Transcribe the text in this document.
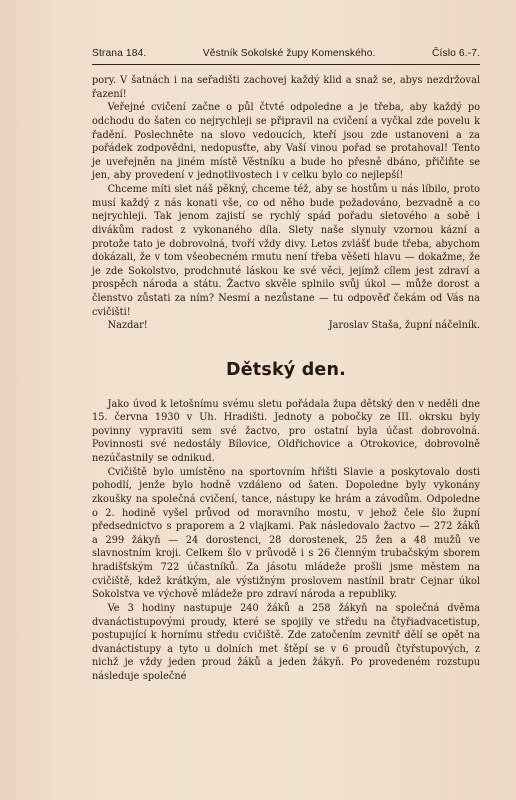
Strana 184.	Věstník Sokolské župy Komenského.	Číslo 6.-7.

pory. V šatnách i na seřadišti zachovej každý klid a snaž se, abys nezdržoval řazení!

Veřejné cvičení začne o půl čtvté odpoledne a je třeba, aby každý po odchodu do šaten co nejrychleji se připravil na cvičení a vyčkal zde povelu k řadění. Poslechněte na slovo vedoucích, kteří jsou zde ustanoveni a za pořádek zodpovědni, nedopusťte, aby Vaší vinou pořad se protahoval! Tento je uveřejněn na jiném místě Věstníku a bude ho přesně dbáno, přičiňte se jen, aby provedení v jednotlivostech i v celku bylo co nejlepší!

Chceme míti slet náš pěkný, chceme též, aby se hostům u nás líbilo, proto musí každý z nás konati vše, co od něho bude požadováno, bezvadně a co nejrychleji. Tak jenom zajistí se rychlý spád pořadu sletového a sobě i divákům radost z vykonaného díla. Slety naše slynuly vzornou kázní a protože tato je dobrovolná, tvoří vždy divy. Letos zvlášť bude třeba, abychom dokázali, že v tom všeobecném rmutu není třeba věšeti hlavu — dokažme, že je zde Sokolstvo, prodchnuté láskou ke své věci, jejímž cílem jest zdraví a prospěch národa a státu. Žactvo skvěle splnilo svůj úkol — může dorost a členstvo zůstati za ním? Nesmí a nezůstane — tu odpověď čekám od Vás na cvičišti!

Nazdar!	Jaroslav Staša, župní náčelník.
Dětský den.

Jako úvod k letošnímu svému sletu pořádala župa dětský den v neděli dne 15. června 1930 v Uh. Hradišti. Jednoty a pobočky ze III. okrsku byly povinny vypraviti sem své žactvo, pro ostatní byla účast dobrovolná. Povinnosti své nedostály Bílovice, Oldřichovice a Otrokovice, dobrovolně nezúčastnily se odnikud.

Cvičiště bylo umístěno na sportovním hřišti Slavie a poskytovalo dosti pohodlí, jenže bylo hodně vzdáleno od šaten. Dopoledne byly vykonány zkoušky na společná cvičení, tance, nástupy ke hrám a závodům. Odpoledne o 2. hodině vyšel průvod od moravního mostu, v jehož čele šlo župní předsednictvo s praporem a 2 vlajkami. Pak následovalo žactvo — 272 žáků a 299 žákyň — 24 dorostenci, 28 dorostenek, 25 žen a 48 mužů ve slavnostním kroji. Celkem šlo v průvodě i s 26 členným trubačským sborem hradišťským 722 účastníků. Za jásotu mládeže prošli jsme městem na cvičiště, kdež krátkým, ale výstižným proslovem nastínil bratr Cejnar úkol Sokolstva ve výchově mládeže pro zdraví národa a republiky.

Ve 3 hodiny nastupuje 240 žáků a 258 žákyň na společná dvěma dvanáctistupovými proudy, které se spojily ve středu na čtyřiadvacetistup, postupující k hornímu středu cvičiště. Zde zatočením zevnitř dělí se opět na dvanáctistupy a tyto u dolních met štěpí se v 6 proudů čtyřstupových, z nichž je vždy jeden proud žáků a jeden žákyň. Po provedeném rozstupu následuje společné
